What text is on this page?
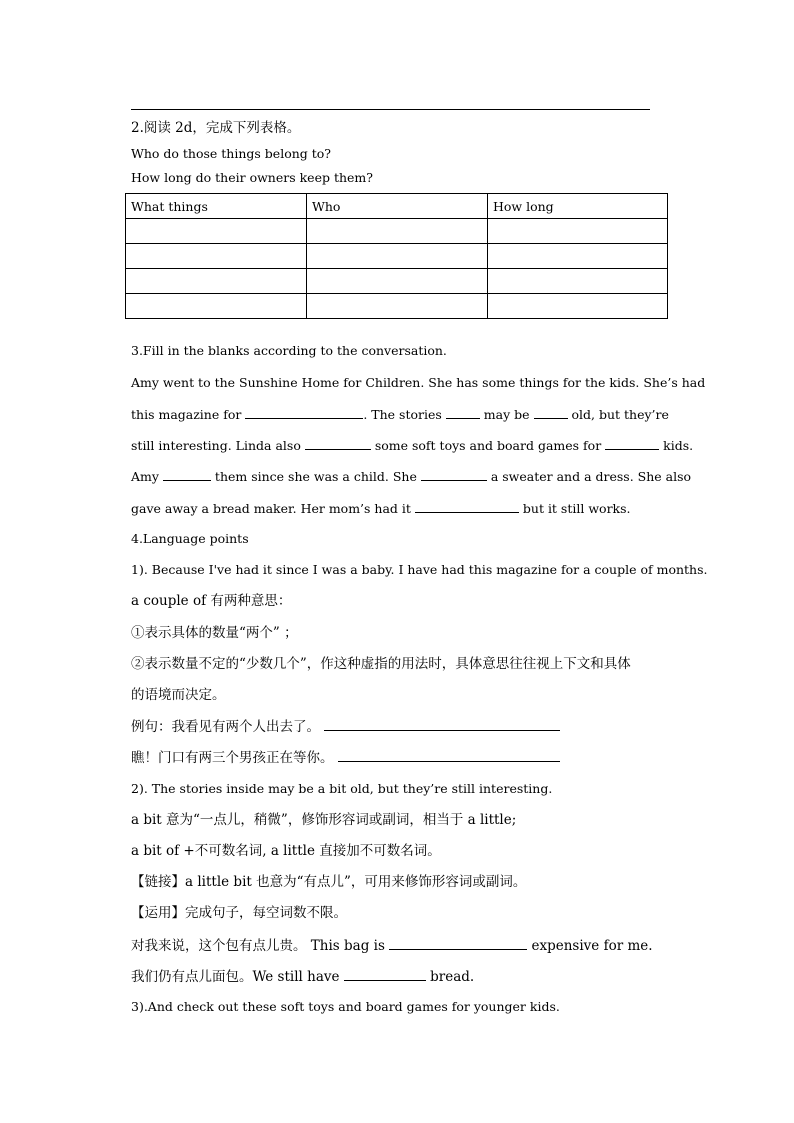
2.阅读 2d，完成下列表格。
Who do those things belong to?
How long do their owners keep them?
What things	Who	How long

3.Fill in the blanks according to the conversation.
Amy went to the Sunshine Home for Children. She has some things for the kids. She’s had
this magazine for	. The stories	may be	old, but they’re
still interesting. Linda also	some soft toys and board games for	kids.
Amy	them since she was a child. She	a sweater and a dress. She also
gave away a bread maker. Her mom’s had it	but it still works.
4.Language points
1). Because I've had it since I was a baby. I have had this magazine for a couple of months.
a couple of 有两种意思：
①表示具体的数量“两个” ；
②表示数量不定的“少数几个”，作这种虚指的用法时，具体意思往往视上下文和具体
的语境而决定。
例句：我看见有两个人出去了。
瞧！门口有两三个男孩正在等你。
2). The stories inside may be a bit old, but they’re still interesting.
a bit 意为“一点儿，稍微”，修饰形容词或副词，相当于 a little;
a bit of +不可数名词, a little 直接加不可数名词。
【链接】a little bit 也意为“有点儿”，可用来修饰形容词或副词。
【运用】完成句子，每空词数不限。
对我来说，这个包有点儿贵。 This bag is	expensive for me.
我们仍有点儿面包。We still have	bread.
3).And check out these soft toys and board games for younger kids.
